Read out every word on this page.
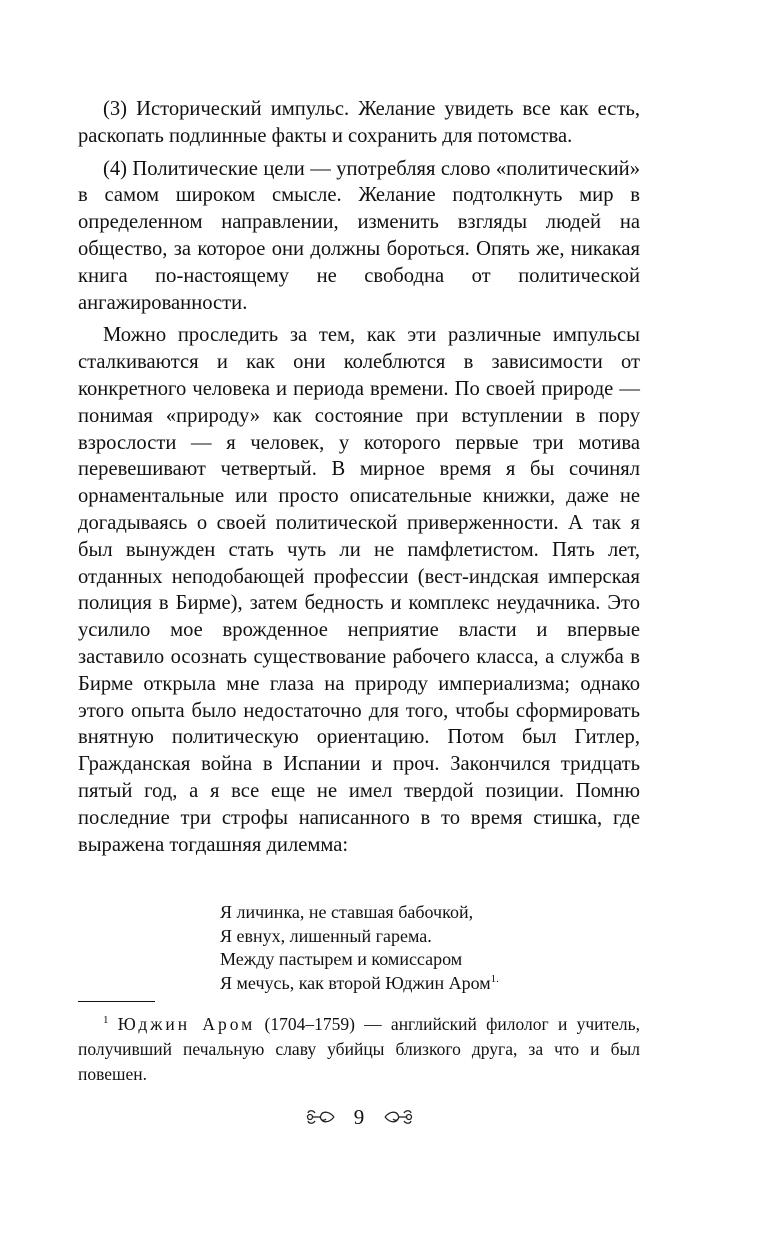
(3) Исторический импульс. Желание увидеть все как есть, раскопать подлинные факты и сохранить для потомства.

(4) Политические цели — употребляя слово «политический» в самом широком смысле. Желание подтолкнуть мир в определенном направлении, изменить взгляды людей на общество, за которое они должны бороться. Опять же, никакая книга по-настоящему не свободна от политической ангажированности.

Можно проследить за тем, как эти различные импульсы сталкиваются и как они колеблются в зависимости от конкретного человека и периода времени. По своей природе — понимая «природу» как состояние при вступлении в пору взрослости — я человек, у которого первые три мотива перевешивают четвертый. В мирное время я бы сочинял орнаментальные или просто описательные книжки, даже не догадываясь о своей политической приверженности. А так я был вынужден стать чуть ли не памфлетистом. Пять лет, отданных неподобающей профессии (вест-индская имперская полиция в Бирме), затем бедность и комплекс неудачника. Это усилило мое врожденное неприятие власти и впервые заставило осознать существование рабочего класса, а служба в Бирме открыла мне глаза на природу империализма; однако этого опыта было недостаточно для того, чтобы сформировать внятную политическую ориентацию. Потом был Гитлер, Гражданская война в Испании и проч. Закончился тридцать пятый год, а я все еще не имел твердой позиции. Помню последние три строфы написанного в то время стишка, где выражена тогдашняя дилемма:

Я личинка, не ставшая бабочкой,
Я евнух, лишенный гарема.
Между пастырем и комиссаром
Я мечусь, как второй Юджин Аром$^{1.}$

$^1$ Юджин Аром (1704–1759) — английский филолог и учитель, получивший печальную славу убийцы близкого друга, за что и был повешен.

9
